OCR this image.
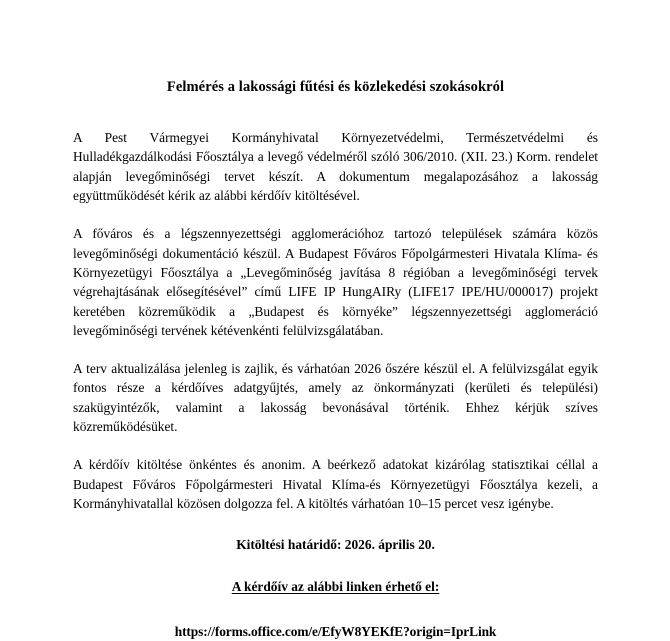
Felmérés a lakossági fűtési és közlekedési szokásokról

A Pest Vármegyei Kormányhivatal Környezetvédelmi, Természetvédelmi és Hulladékgazdálkodási Főosztálya a levegő védelméről szóló 306/2010. (XII. 23.) Korm. rendelet alapján levegőminőségi tervet készít. A dokumentum megalapozásához a lakosság együttműködését kérik az alábbi kérdőív kitöltésével.

A főváros és a légszennyezettségi agglomerációhoz tartozó települések számára közös levegőminőségi dokumentáció készül. A Budapest Főváros Főpolgármesteri Hivatala Klíma- és Környezetügyi Főosztálya a „Levegőminőség javítása 8 régióban a levegőminőségi tervek végrehajtásának elősegítésével” című LIFE IP HungAIRy (LIFE17 IPE/HU/000017) projekt keretében közreműködik a „Budapest és környéke” légszennyezettségi agglomeráció levegőminőségi tervének kétévenkénti felülvizsgálatában.

A terv aktualizálása jelenleg is zajlik, és várhatóan 2026 őszére készül el. A felülvizsgálat egyik fontos része a kérdőíves adatgyűjtés, amely az önkormányzati (kerületi és települési) szakügyintézők, valamint a lakosság bevonásával történik. Ehhez kérjük szíves közreműködésüket.

A kérdőív kitöltése önkéntes és anonim. A beérkező adatokat kizárólag statisztikai céllal a Budapest Főváros Főpolgármesteri Hivatal Klíma-és Környezetügyi Főosztálya kezeli, a Kormányhivatallal közösen dolgozza fel. A kitöltés várhatóan 10–15 percet vesz igénybe.

Kitöltési határidő: 2026. április 20.

A kérdőív az alábbi linken érhető el:

https://forms.office.com/e/EfyW8YEKfE?origin=IprLink
